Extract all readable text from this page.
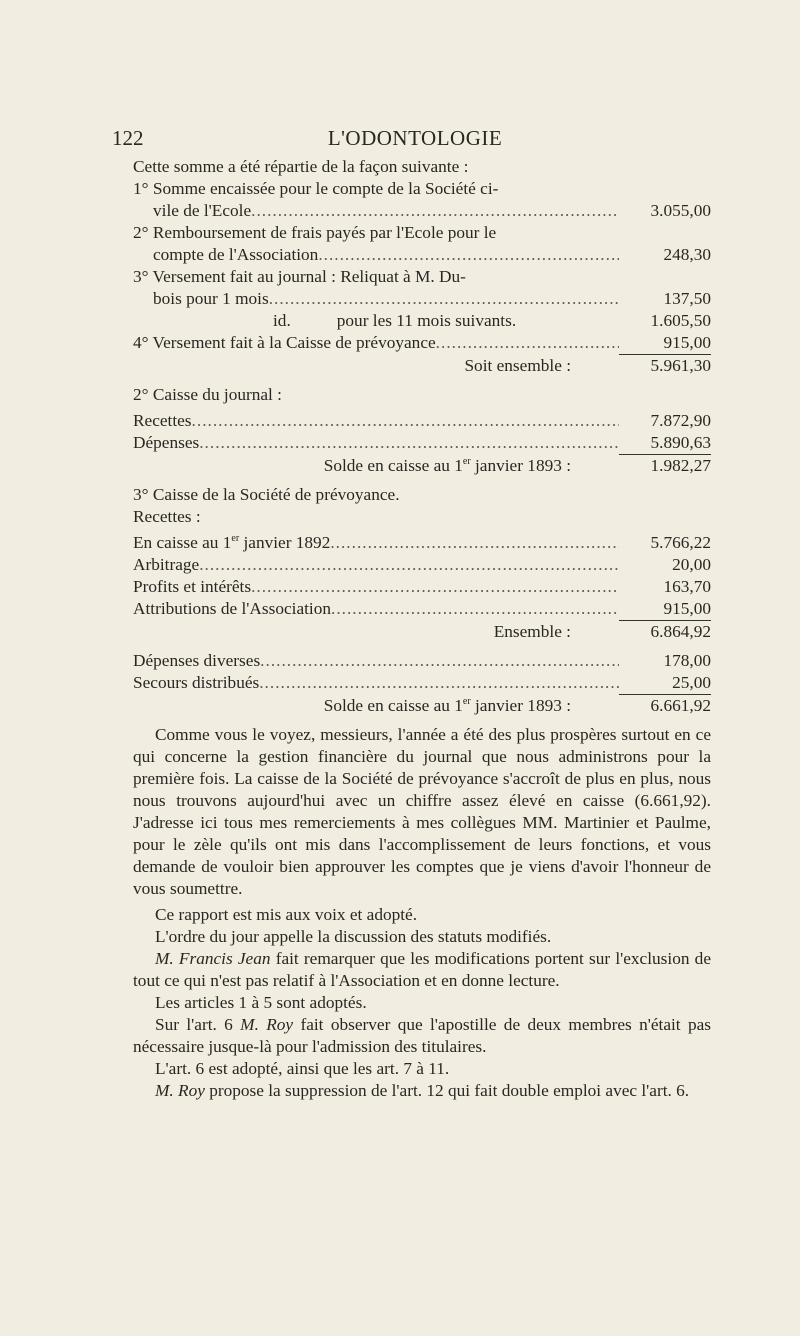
122	L'ODONTOLOGIE

Cette somme a été répartie de la façon suivante :

1° Somme encaissée pour le compte de la Société ci-
vile de l'Ecole .....	3.055,00
2° Remboursement de frais payés par l'Ecole pour le
compte de l'Association .....	248,30
3° Versement fait au journal : Reliquat à M. Du-
bois pour 1 mois .....	137,50
id.	pour les 11 mois suivants.	1.605,50
4° Versement fait à la Caisse de prévoyance .....	915,00
Soit ensemble :	5.961,30
2° Caisse du journal :
Recettes .....	7.872,90
Dépenses .....	5.890,63
Solde en caisse au 1er janvier 1893 :	1.982,27
3° Caisse de la Société de prévoyance.
Recettes :
En caisse au 1er janvier 1892 .....	5.766,22
Arbitrage .....	20,00
Profits et intérêts .....	163,70
Attributions de l'Association .....	915,00
Ensemble :	6.864,92
Dépenses diverses .....	178,00
Secours distribués .....	25,00
Solde en caisse au 1er janvier 1893 :	6.661,92

Comme vous le voyez, messieurs, l'année a été des plus prospères surtout en ce qui concerne la gestion financière du journal que nous administrons pour la première fois. La caisse de la Société de prévoyance s'accroît de plus en plus, nous nous trouvons aujourd'hui avec un chiffre assez élevé en caisse (6.661,92). J'adresse ici tous mes remerciements à mes collègues MM. Martinier et Paulme, pour le zèle qu'ils ont mis dans l'accomplissement de leurs fonctions, et vous demande de vouloir bien approuver les comptes que je viens d'avoir l'honneur de vous soumettre.

Ce rapport est mis aux voix et adopté.

L'ordre du jour appelle la discussion des statuts modifiés.

M. Francis Jean fait remarquer que les modifications portent sur l'exclusion de tout ce qui n'est pas relatif à l'Association et en donne lecture.

Les articles 1 à 5 sont adoptés.

Sur l'art. 6 M. Roy fait observer que l'apostille de deux membres n'était pas nécessaire jusque-là pour l'admission des titulaires.

L'art. 6 est adopté, ainsi que les art. 7 à 11.

M. Roy propose la suppression de l'art. 12 qui fait double emploi avec l'art. 6.
